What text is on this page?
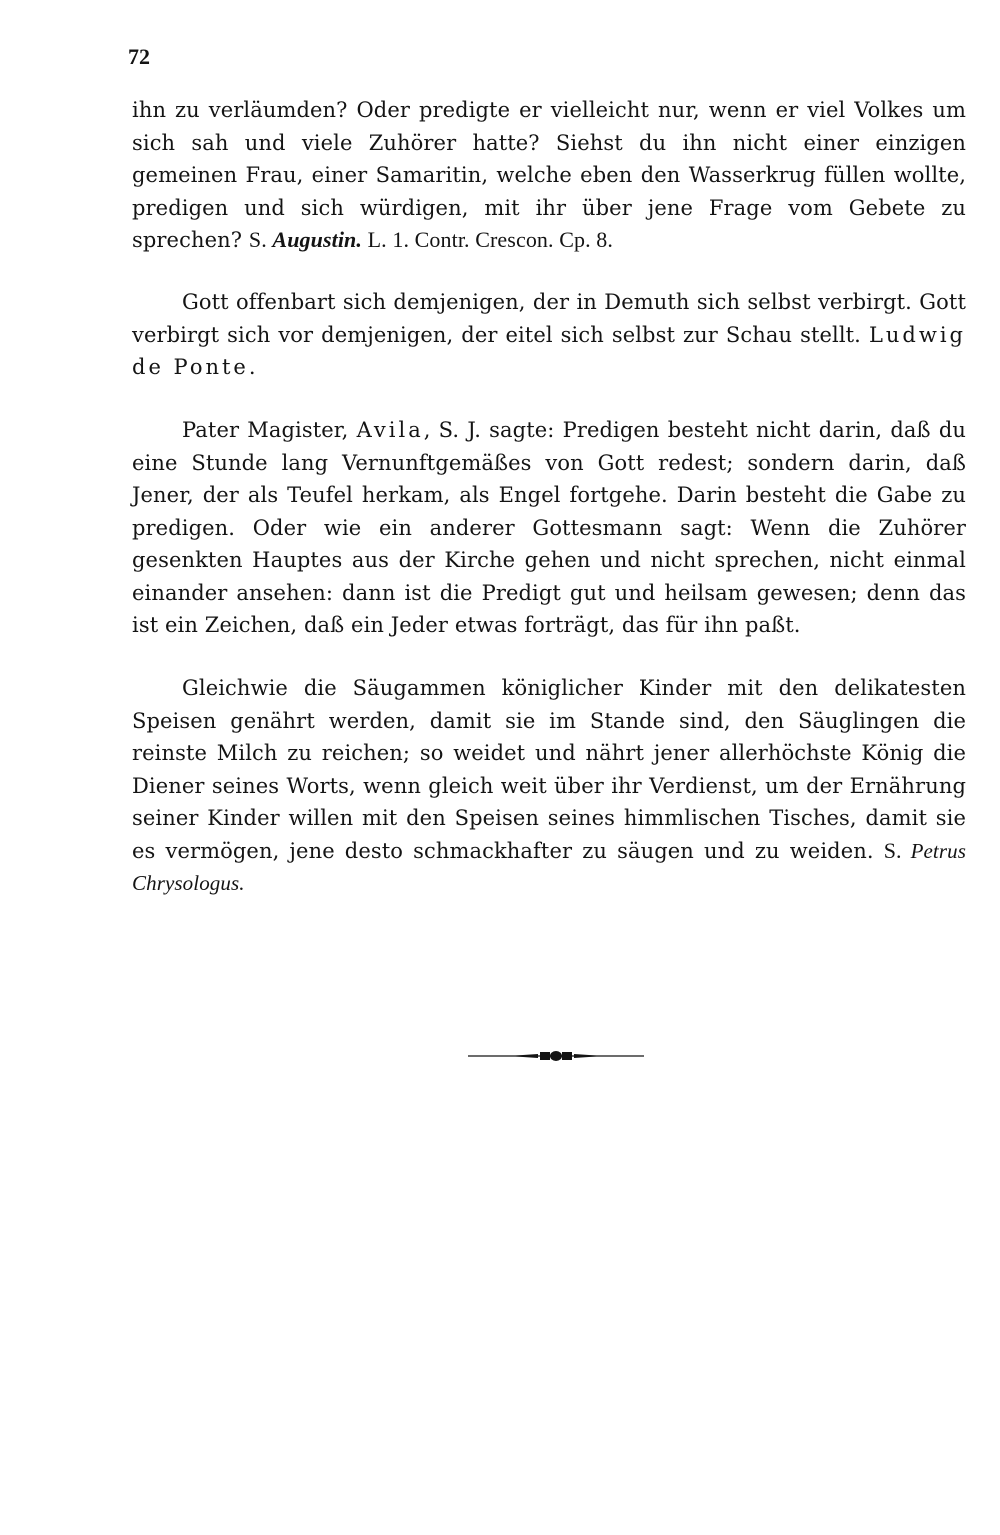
72

ihn zu verläumden? Oder predigte er vielleicht nur, wenn er viel Volkes um sich sah und viele Zuhörer hatte? Siehst du ihn nicht einer einzigen gemeinen Frau, einer Samaritin, welche eben den Wasserkrug füllen wollte, predigen und sich würdigen, mit ihr über jene Frage vom Gebete zu sprechen? S. Augustin. L. 1. Contr. Crescon. Cp. 8.

Gott offenbart sich demjenigen, der in Demuth sich selbst verbirgt. Gott verbirgt sich vor demjenigen, der eitel sich selbst zur Schau stellt. Ludwig de Ponte.

Pater Magister, Avila, S. J. sagte: Predigen besteht nicht darin, daß du eine Stunde lang Vernunftgemäßes von Gott redest; sondern darin, daß Jener, der als Teufel herkam, als Engel fortgehe. Darin besteht die Gabe zu predigen. Oder wie ein anderer Gottesmann sagt: Wenn die Zuhörer gesenkten Hauptes aus der Kirche gehen und nicht sprechen, nicht einmal einander ansehen: dann ist die Predigt gut und heilsam gewesen; denn das ist ein Zeichen, daß ein Jeder etwas forträgt, das für ihn paßt.

Gleichwie die Säugammen königlicher Kinder mit den delikatesten Speisen genährt werden, damit sie im Stande sind, den Säuglingen die reinste Milch zu reichen; so weidet und nährt jener allerhöchste König die Diener seines Worts, wenn gleich weit über ihr Verdienst, um der Ernährung seiner Kinder willen mit den Speisen seines himmlischen Tisches, damit sie es vermögen, jene desto schmackhafter zu säugen und zu weiden. S. Petrus Chrysologus.
